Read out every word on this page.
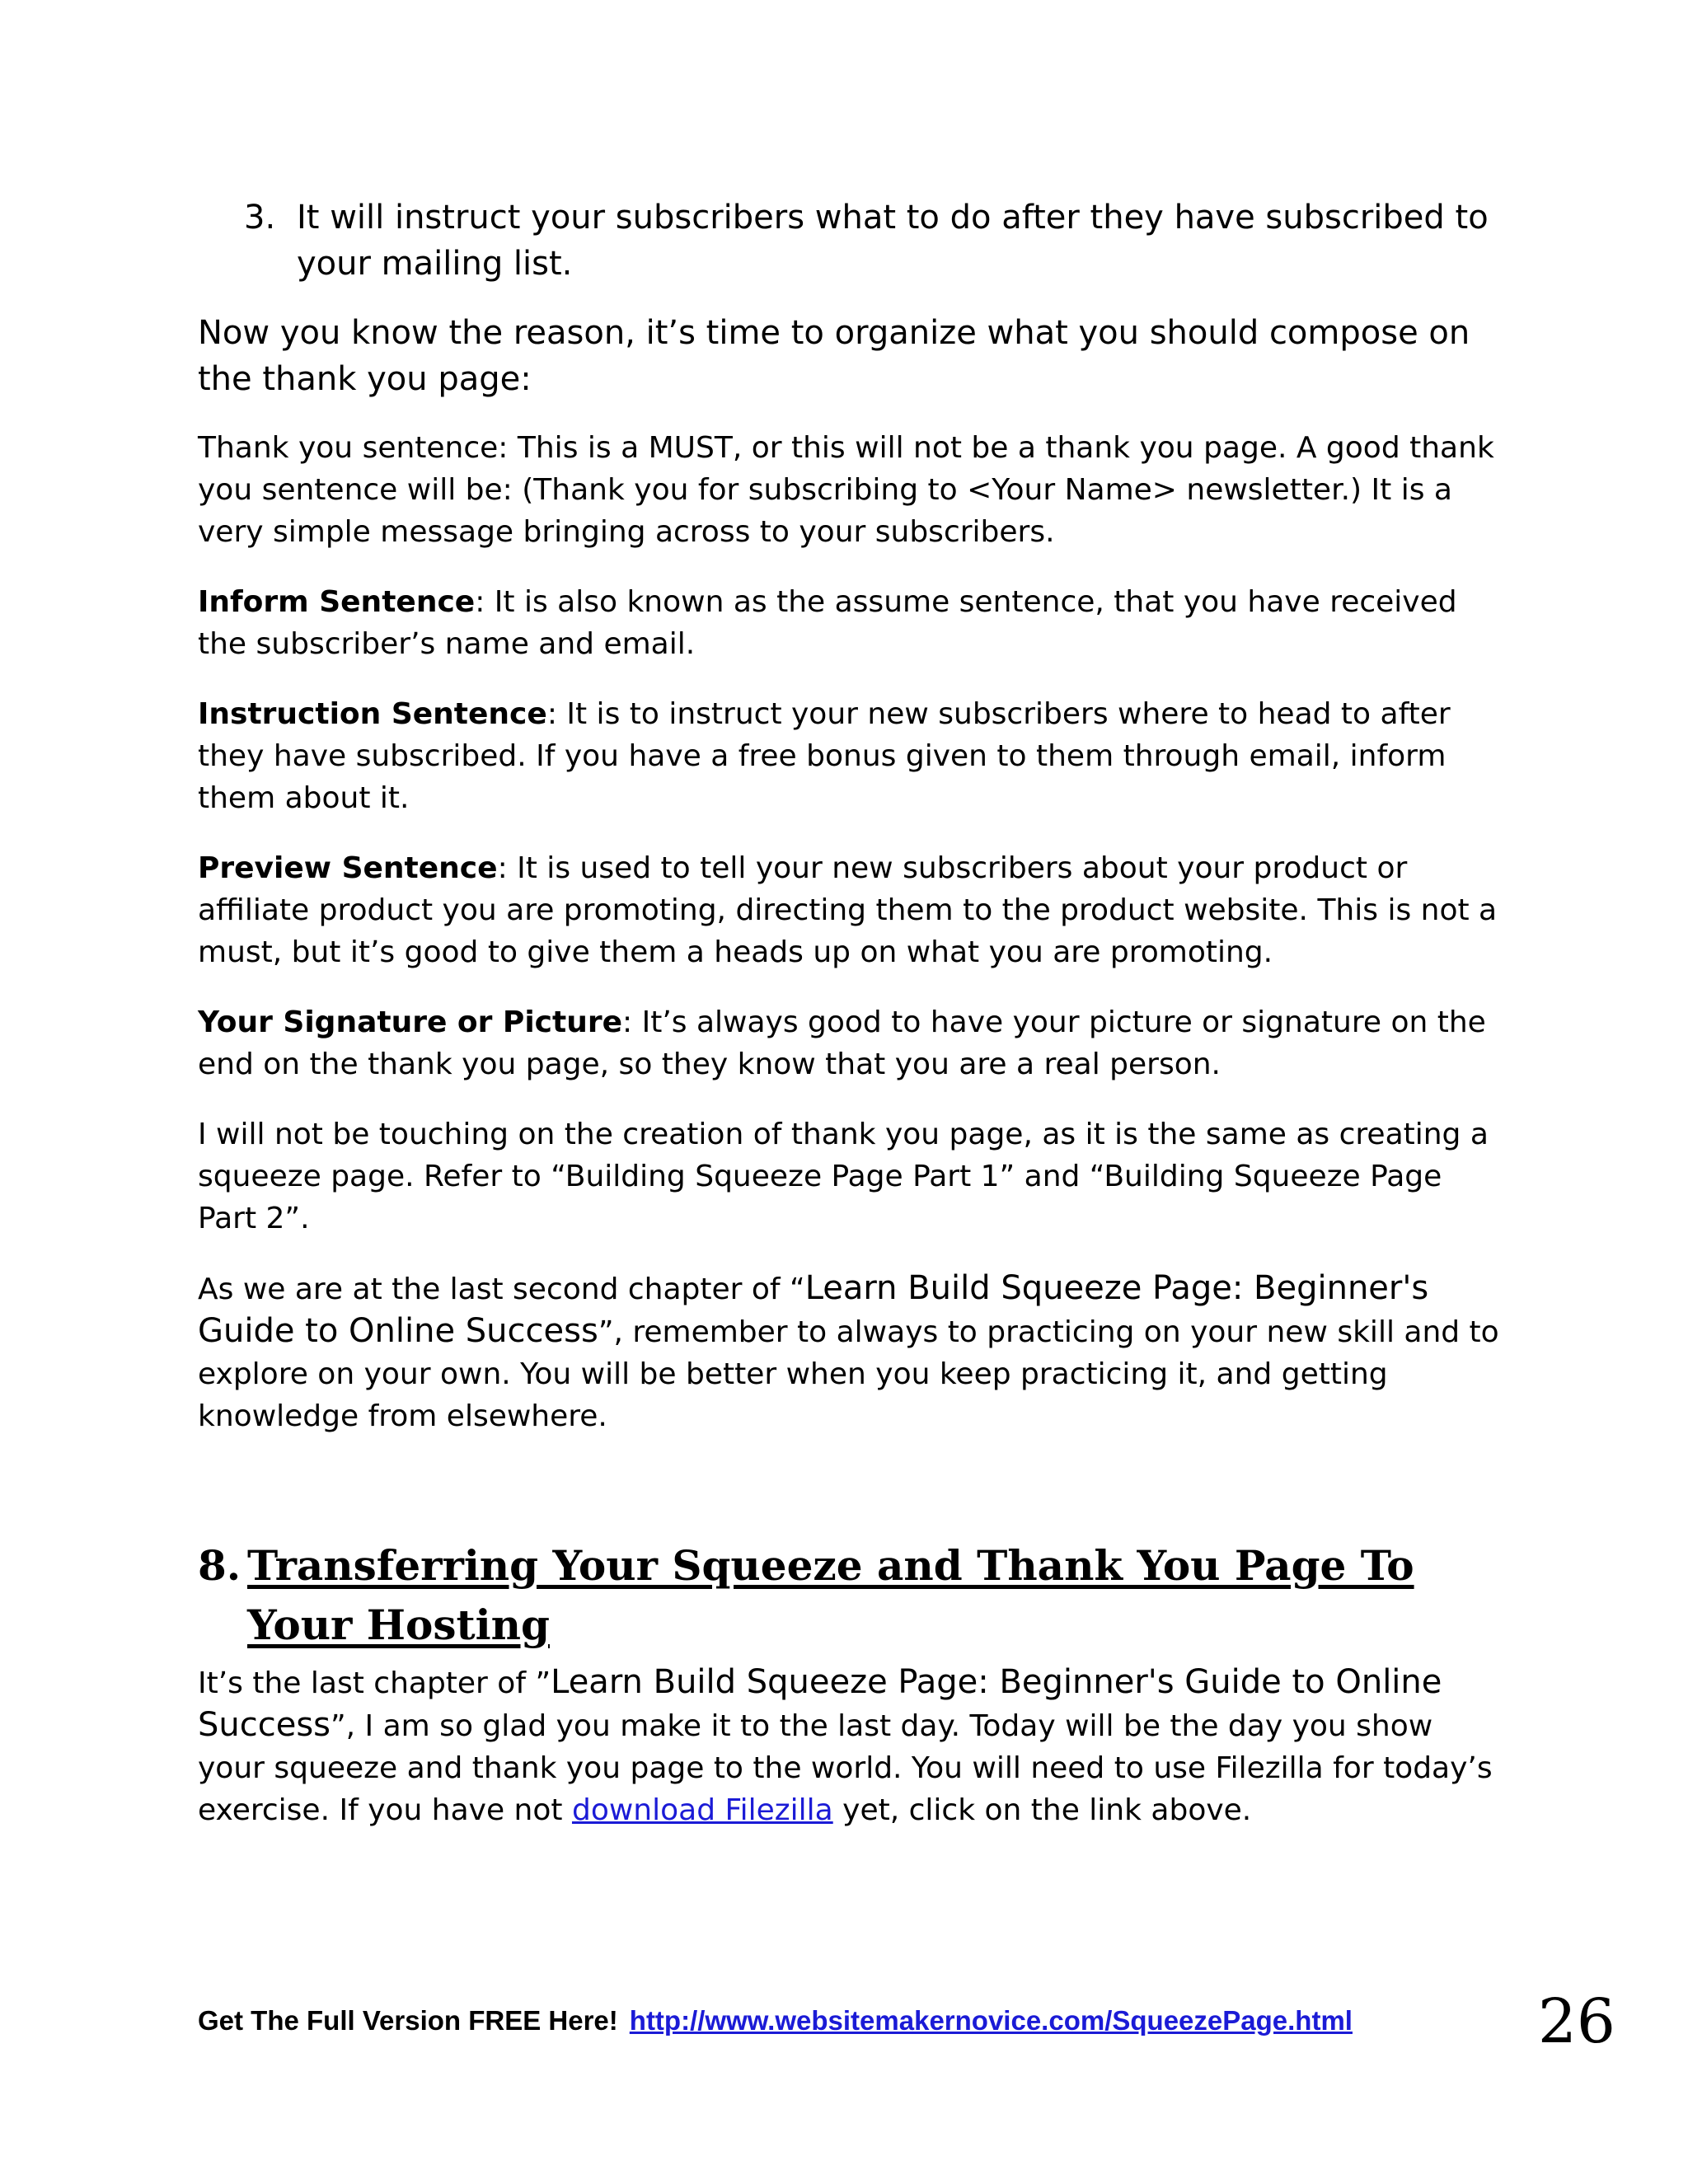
3. It will instruct your subscribers what to do after they have subscribed to your mailing list.

Now you know the reason, it’s time to organize what you should compose on the thank you page:

Thank you sentence: This is a MUST, or this will not be a thank you page. A good thank you sentence will be: (Thank you for subscribing to <Your Name> newsletter.) It is a very simple message bringing across to your subscribers.

Inform Sentence: It is also known as the assume sentence, that you have received the subscriber’s name and email.

Instruction Sentence: It is to instruct your new subscribers where to head to after they have subscribed. If you have a free bonus given to them through email, inform them about it.

Preview Sentence: It is used to tell your new subscribers about your product or affiliate product you are promoting, directing them to the product website. This is not a must, but it’s good to give them a heads up on what you are promoting.

Your Signature or Picture: It’s always good to have your picture or signature on the end on the thank you page, so they know that you are a real person.

I will not be touching on the creation of thank you page, as it is the same as creating a squeeze page. Refer to “Building Squeeze Page Part 1” and “Building Squeeze Page Part 2”.

As we are at the last second chapter of “Learn Build Squeeze Page: Beginner's Guide to Online Success”, remember to always to practicing on your new skill and to explore on your own. You will be better when you keep practicing it, and getting knowledge from elsewhere.

8. Transferring Your Squeeze and Thank You Page To Your Hosting

It’s the last chapter of ”Learn Build Squeeze Page: Beginner's Guide to Online Success”, I am so glad you make it to the last day. Today will be the day you show your squeeze and thank you page to the world. You will need to use Filezilla for today’s exercise. If you have not download Filezilla yet, click on the link above.

Get The Full Version FREE Here! http://www.websitemakernovice.com/SqueezePage.html	26
